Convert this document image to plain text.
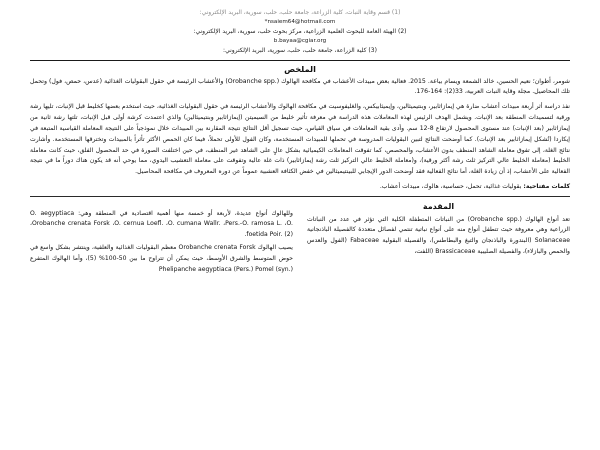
(1) قسم وقاية النبات، كلية الزراعة، جامعة حلب، حلب، سورية، البريد الإلكتروني:
*nsaiem64@hotmail.com
(2) الهيئة العامة للبحوث العلمية الزراعية، مركز بحوث حلب، سورية، البريد الإلكتروني:
b.bayaa@cgiar.org
(3) كلية الزراعة، جامعة حلب، حلب، سورية، البريد الإلكتروني:
الملخص
شومر، أطوان؛ نعيم الحسين، خالد الشمعة ويسام بياعة. 2015. فعالية بعض مبيدات الأعشاب في مكافحة الهالوك (.Orobanche spp) والأعشاب الرئيسة في حقول البقوليات الغذائية (عدس، حمص، فول) وتحمل تلك المحاصيل. مجلة وقاية النبات العربية، 33(2): 164-176.

نفذ دراسة أثر أربعة مبيدات أعشاب ضارة هي إيمازاثابير، وبنتيميثالين، وإيميثابيكس، والغليفوسيت في مكافحة الهالوك والأعشاب الرئيسة في حقول البقوليات الغذائية، حيث استخدم بعضها كخليط قبل الإنبات، تليها رشة ورقية لتسميدات المنطقة بعد الإنبات. ويشمل الهدف الرئيس لهذه المعاملات هذه الدراسة في معرفة تأثير خليط من السيميتن (إيمازاثابير وبنتيميثالين) والذي اعتمدت كرشة أولى قبل الإنبات، تلتها رشة ثانية من إيمازاثابير (بعد الإنبات) عند مستوى المحصول لارتفاع 8-12 سم. وأدى بقية المعاملات في سياق القياس، حيث تسجيل أقل النتائج نتيجة المقارنة بين المبيدات خلال نموذجياً على النتيجة المعاملة القياسية المتبعة في إيكاردا (تُشكل إيمازاثابير بعد الإنبات). كما أوضحت النتائج لتبين البقوليات المدروسة في تحملها للمبيدات المستخدمة، وكان الفول للأولى تحملاً، فيما كان الحمص الأكثر تأثراً بالمبيدات وتخترقها المستخدمة. وأشارت نتائج الغلة، إلى تفوق معاملة الشاهد المنظف بدون الأعشاب، والمحصص، كما تفوقت المعاملات الكيميائية بشكل عالٍ على الشاهد غير المنظف، في حين اختلفت الصورة في حد المحصول الفلق، حيث كانت معاملة الخليط (معاملة الخليط عالي التركيز ثلث رشة أكثر ورقية)، و(معاملة الخليط عالي التركيز ثلث رشة إيمازاثابير) ذات غلة عالية وتفوقت على معاملة التعشيب اليدوي، مما يوحي أنه قد يكون هناك دوراً ما في نتيجة الفعالية على الأعشاب، إذ أن زيادة الغلة، أما نتائج الفعالية فقد أوضحت الدور الإيجابي للبينتيميثالين في خفض الكثافة العشبية عموماً عن دوره المعروف في مكافحة المحاصيل.

كلمات مفتاحية: بقوليات غذائية، تحمل، حساسية، هالوك، مبيدات أعشاب.
المقدمة

تعد أنواع الهالوك (.Orobanche spp) من النباتات المتطفلة الكلية التي تؤثر في عدد من النباتات الزراعية وهي معروفة حيث تتطفل أنواع منه على أنواع نباتية تنتمي لفصائل متعددة كالفصيلة الباذنجانية Solanaceae (البندورة والباذنجان والتبغ والبطاطس)، والفصيلة البقولية Fabaceae (الفول والعدس والحمص والبازلاء)، والفصيلة الصليبية Brassicaceae (اللفت،

وللهالوك أنواع عديدة، لأربعة أو خمسة منها أهمية اقتصادية في المنطقة وهي: O. aegyptiaca ،Orobanche crenata Forsk ،O. cernua Loefl. ،O. cumana Wallr. ،Pers.-O. ramosa L. ،O. foetida Poir. (2).

يصيب الهالوك Orobanche crenata Forsk معظم البقوليات الغذائية والعلفية، وينتشر بشكل واسع في حوض المتوسط والشرق الأوسط، حيث يمكن أن تتراوح ما بين 50-100% (5)، وأما الهالوك المتفرع (.Phelipanche aegyptiaca (Pers.) Pomel (syn
